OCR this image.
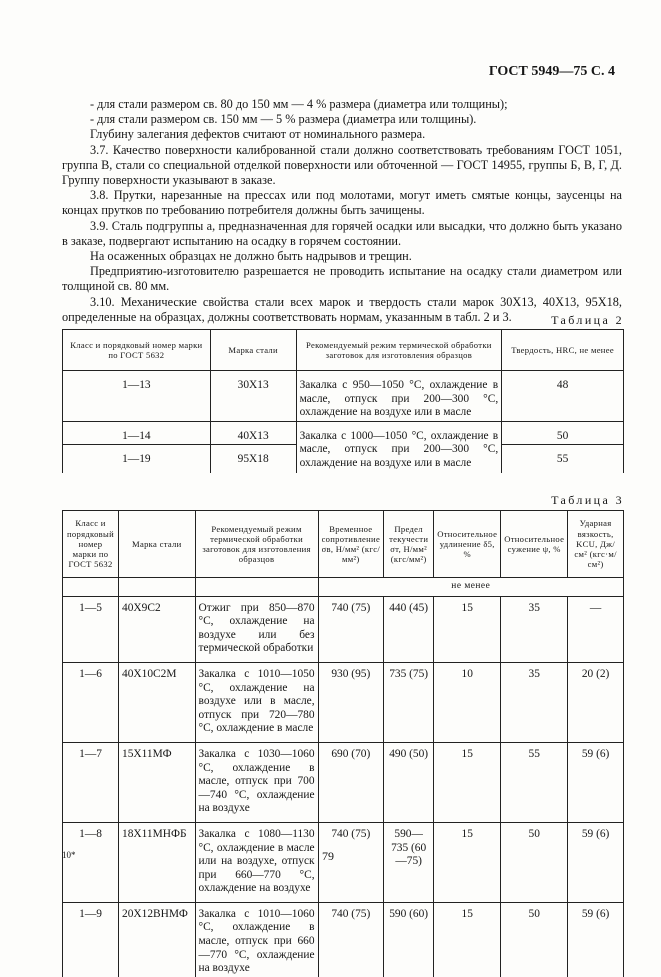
ГОСТ 5949—75 С. 4

- для стали размером св. 80 до 150 мм — 4 % размера (диаметра или толщины);

- для стали размером св. 150 мм — 5 % размера (диаметра или толщины).

Глубину залегания дефектов считают от номинального размера.

3.7. Качество поверхности калиброванной стали должно соответствовать требованиям ГОСТ 1051, группа В, стали со специальной отделкой поверхности или обточенной — ГОСТ 14955, группы Б, В, Г, Д. Группу поверхности указывают в заказе.

3.8. Прутки, нарезанные на прессах или под молотами, могут иметь смятые концы, заусенцы на концах прутков по требованию потребителя должны быть зачищены.

3.9. Сталь подгруппы а, предназначенная для горячей осадки или высадки, что должно быть указано в заказе, подвергают испытанию на осадку в горячем состоянии.

На осаженных образцах не должно быть надрывов и трещин.

Предприятию-изготовителю разрешается не проводить испытание на осадку стали диаметром или толщиной св. 80 мм.

3.10. Механические свойства стали всех марок и твердость стали марок 30Х13, 40Х13, 95Х18, определенные на образцах, должны соответствовать нормам, указанным в табл. 2 и 3.	Таблица 2
Класс и порядковый номер марки по ГОСТ 5632	Марка стали	Рекомендуемый режим термической обработки заготовок для изготовления образцов	Твердость, HRC, не менее
1—13	30Х13	Закалка с 950—1050 °С, охлаждение в масле, отпуск при 200—300 °С, охлаждение на воздухе или в масле	48
1—14	40Х13	Закалка с 1000—1050 °С, охлаждение в масле, отпуск при 200—300 °С, охлаждение на воздухе или в масле	50
1—19	95Х18		55
Таблица 3
Класс и порядковый номер марки по ГОСТ 5632	Марка стали	Рекомендуемый режим термической обработки заготовок для изготовления образцов	Временное сопротивление σв, Н/мм² (кгс/мм²)	Предел текучести σт, Н/мм² (кгс/мм²)	Относительное удлинение δ5, %	Относительное сужение ψ, %	Ударная вязкость, KCU, Дж/см² (кгс·м/см²)
			не менее				
1—5	40Х9С2	Отжиг при 850—870 °С, охлаждение на воздухе или без термической обработки	740 (75)	440 (45)	15	35	—
1—6	40Х10С2М	Закалка с 1010—1050 °С, охлаждение на воздухе или в масле, отпуск при 720—780 °С, охлаждение в масле	930 (95)	735 (75)	10	35	20 (2)
1—7	15Х11МФ	Закалка с 1030—1060 °С, охлаждение в масле, отпуск при 700—740 °С, охлаждение на воздухе	690 (70)	490 (50)	15	55	59 (6)
1—8	18Х11МНФБ	Закалка с 1080—1130 °С, охлаждение в масле или на воздухе, отпуск при 660—770 °С, охлаждение на воздухе	740 (75)	590—735 (60—75)	15	50	59 (6)
1—9	20Х12ВНМФ	Закалка с 1010—1060 °С, охлаждение в масле, отпуск при 660—770 °С, охлаждение на воздухе	740 (75)	590 (60)	15	50	59 (6)
10*	79
